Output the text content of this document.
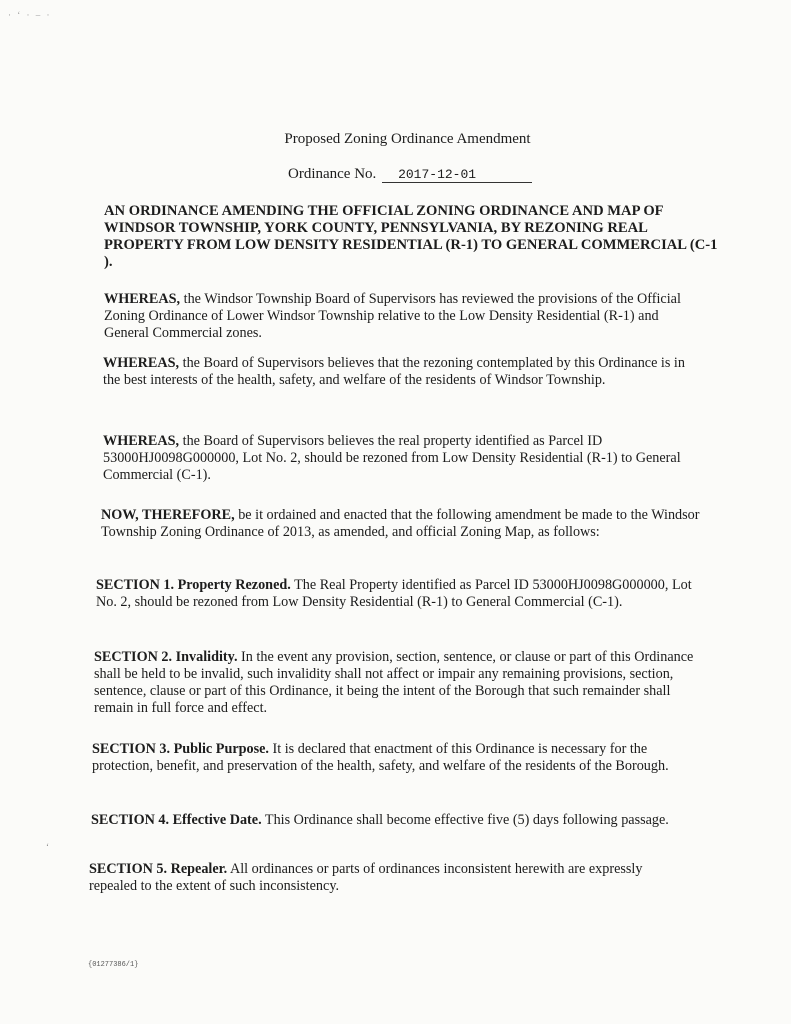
· ‘ · – ·
Proposed Zoning Ordinance Amendment
Ordinance No. 2017-12-01
AN ORDINANCE AMENDING THE OFFICIAL ZONING ORDINANCE AND MAP OF WINDSOR TOWNSHIP, YORK COUNTY, PENNSYLVANIA, BY REZONING REAL PROPERTY FROM LOW DENSITY RESIDENTIAL (R-1) TO GENERAL COMMERCIAL (C-1 ).
WHEREAS, the Windsor Township Board of Supervisors has reviewed the provisions of the Official Zoning Ordinance of Lower Windsor Township relative to the Low Density Residential (R-1) and General Commercial zones.
WHEREAS, the Board of Supervisors believes that the rezoning contemplated by this Ordinance is in the best interests of the health, safety, and welfare of the residents of Windsor Township.
WHEREAS, the Board of Supervisors believes the real property identified as Parcel ID 53000HJ0098G000000, Lot No. 2, should be rezoned from Low Density Residential (R-1) to General Commercial (C-1).
NOW, THEREFORE, be it ordained and enacted that the following amendment be made to the Windsor Township Zoning Ordinance of 2013, as amended, and official Zoning Map, as follows:
SECTION 1. Property Rezoned. The Real Property identified as Parcel ID 53000HJ0098G000000, Lot No. 2, should be rezoned from Low Density Residential (R-1) to General Commercial (C-1).
SECTION 2. Invalidity. In the event any provision, section, sentence, or clause or part of this Ordinance shall be held to be invalid, such invalidity shall not affect or impair any remaining provisions, section, sentence, clause or part of this Ordinance, it being the intent of the Borough that such remainder shall remain in full force and effect.
SECTION 3. Public Purpose. It is declared that enactment of this Ordinance is necessary for the protection, benefit, and preservation of the health, safety, and welfare of the residents of the Borough.
SECTION 4. Effective Date. This Ordinance shall become effective five (5) days following passage.
‘
SECTION 5. Repealer. All ordinances or parts of ordinances inconsistent herewith are expressly repealed to the extent of such inconsistency.
{01277386/1}
